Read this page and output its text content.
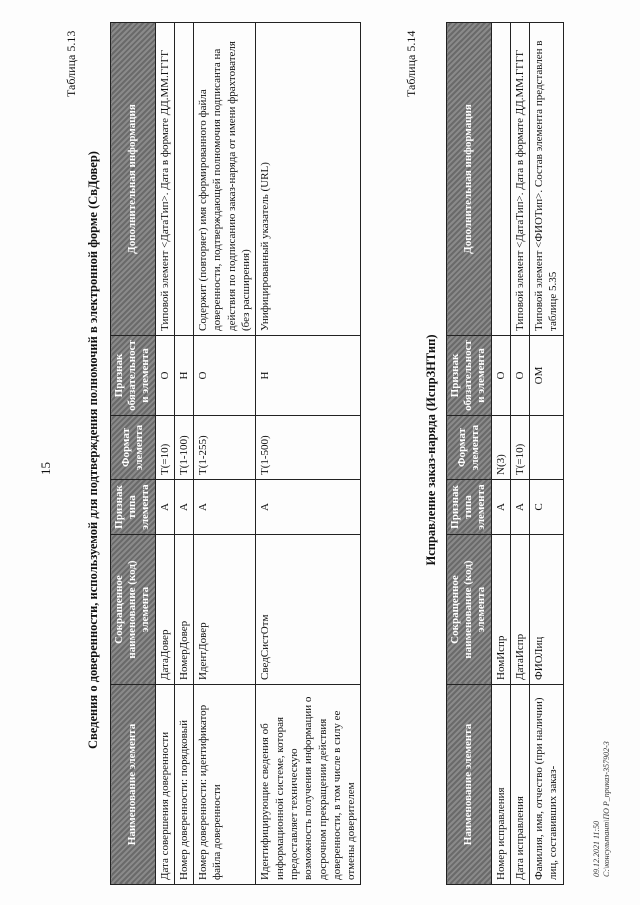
15
Таблица 5.13
Сведения о доверенности, используемой для подтверждения полномочий в электронной форме (СвДовер)
Наименование элемента	Сокращенное наименование (код) элемента	Признак типа элемента	Формат элемента	Признак обязательности элемента	Дополнительная информация
Дата совершения доверенности	ДатаДовер	А	T(=10)	О	Типовой элемент <ДатаТип>. Дата в формате ДД.ММ.ГГГГ
Номер доверенности: порядковый	НомерДовер	А	T(1-100)	Н	
Номер доверенности: идентификатор файла доверенности	ИдентДовер	А	T(1-255)	О	Содержит (повторяет) имя сформированного файла доверенности, подтверждающей полномочия подписанта на действия по подписанию заказ-наряда от имени фрахтователя (без расширения)
Идентифицирующие сведения об информационной системе, которая предоставляет техническую возможность получения информации о досрочном прекращении действия доверенности, в том числе в силу ее отмены доверителем	СведСистОтм	А	T(1-500)	Н	Унифицированный указатель (URL)
Таблица 5.14
Исправление заказ-наряда (ИспрЗНТип)
Наименование элемента	Сокращенное наименование (код) элемента	Признак типа элемента	Формат элемента	Признак обязательности элемента	Дополнительная информация
Номер исправления	НомИспр	А	N(3)	О	
Дата исправления	ДатаИспр	А	T(=10)	О	Типовой элемент <ДатаТип>. Дата в формате ДД.ММ.ГГГГ
Фамилия, имя, отчество (при наличии) лиц, составивших заказ-	ФИОЛиц	С		ОМ	Типовой элемент <ФИОТип>. Состав элемента представлен в таблице 5.35
09.12.2021 11:50 С:\консультант\ПО Р_приказ-357902-3
